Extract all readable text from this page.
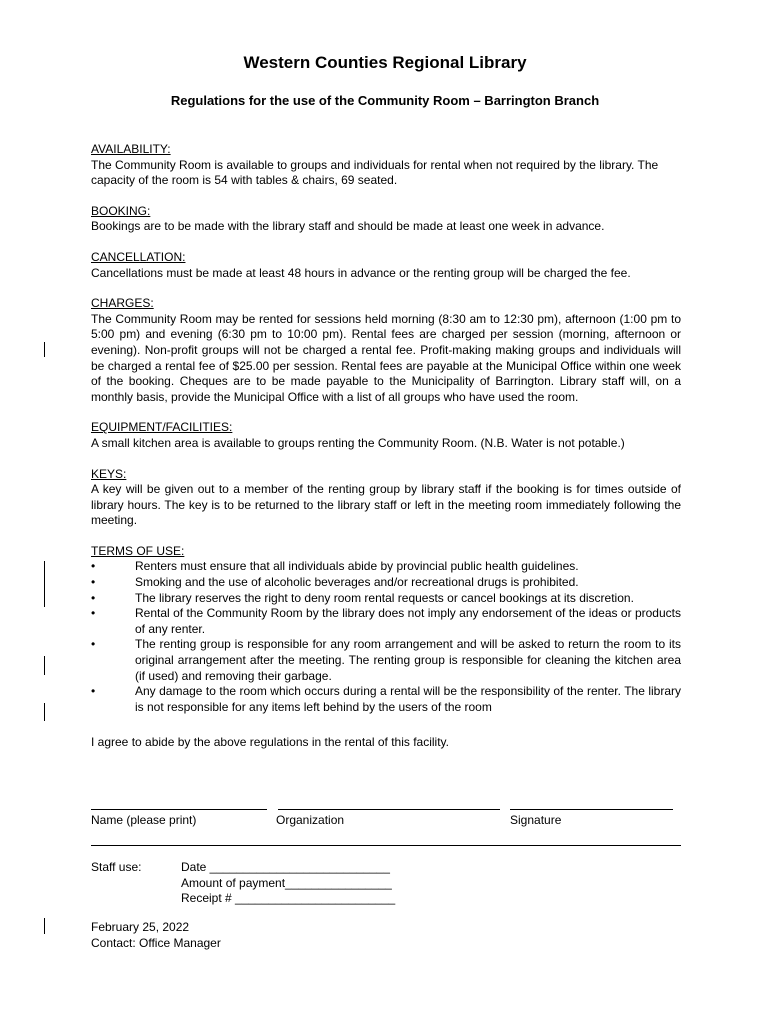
Western Counties Regional Library
Regulations for the use of the Community Room – Barrington Branch
AVAILABILITY:
The Community Room is available to groups and individuals for rental when not required by the library. The capacity of the room is 54 with tables & chairs, 69 seated.
BOOKING:
Bookings are to be made with the library staff and should be made at least one week in advance.
CANCELLATION:
Cancellations must be made at least 48 hours in advance or the renting group will be charged the fee.
CHARGES:
The Community Room may be rented for sessions held morning (8:30 am to 12:30 pm), afternoon (1:00 pm to 5:00 pm) and evening (6:30 pm to 10:00 pm). Rental fees are charged per session (morning, afternoon or evening). Non-profit groups will not be charged a rental fee. Profit-making making groups and individuals will be charged a rental fee of $25.00 per session. Rental fees are payable at the Municipal Office within one week of the booking. Cheques are to be made payable to the Municipality of Barrington. Library staff will, on a monthly basis, provide the Municipal Office with a list of all groups who have used the room.
EQUIPMENT/FACILITIES:
A small kitchen area is available to groups renting the Community Room. (N.B. Water is not potable.)
KEYS:
A key will be given out to a member of the renting group by library staff if the booking is for times outside of library hours. The key is to be returned to the library staff or left in the meeting room immediately following the meeting.
TERMS OF USE:
•	Renters must ensure that all individuals abide by provincial public health guidelines.
•	Smoking and the use of alcoholic beverages and/or recreational drugs is prohibited.
•	The library reserves the right to deny room rental requests or cancel bookings at its discretion.
•	Rental of the Community Room by the library does not imply any endorsement of the ideas or products of any renter.
•	The renting group is responsible for any room arrangement and will be asked to return the room to its original arrangement after the meeting. The renting group is responsible for cleaning the kitchen area (if used) and removing their garbage.
•	Any damage to the room which occurs during a rental will be the responsibility of the renter. The library is not responsible for any items left behind by the users of the room
I agree to abide by the above regulations in the rental of this facility.
Name (please print)	Organization	Signature
Staff use:	Date ___________________________
Amount of payment________________
Receipt # ________________________
February 25, 2022
Contact: Office Manager
